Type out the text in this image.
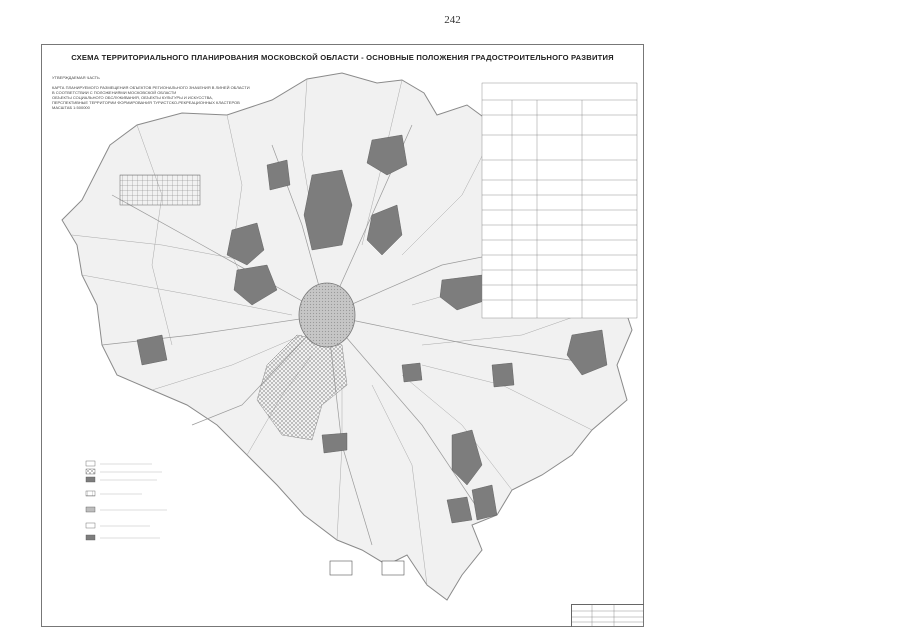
242
СХЕМА ТЕРРИТОРИАЛЬНОГО ПЛАНИРОВАНИЯ МОСКОВСКОЙ ОБЛАСТИ - ОСНОВНЫЕ ПОЛОЖЕНИЯ ГРАДОСТРОИТЕЛЬНОГО РАЗВИТИЯ
УТВЕРЖДАЕМАЯ ЧАСТЬ
КАРТА ПЛАНИРУЕМОГО РАЗМЕЩЕНИЯ ОБЪЕКТОВ РЕГИОНАЛЬНОГО ЗНАЧЕНИЯ В ЛИНЕЙ ОБЛАСТИ
В СООТВЕТСТВИИ С ПОЛОЖЕНИЯМИ МОСКОВСКОЙ ОБЛАСТИ
ОБЪЕКТЫ СОЦИАЛЬНОГО ОБСЛУЖИВАНИЯ, ОБЪЕКТЫ КУЛЬТУРЫ И ИСКУССТВА,
ПЕРСПЕКТИВНЫЕ ТЕРРИТОРИИ ФОРМИРОВАНИЯ ТУРИСТСКО-РЕКРЕАЦИОННЫХ КЛАСТЕРОВ
МАСШТАБ 1:500000
